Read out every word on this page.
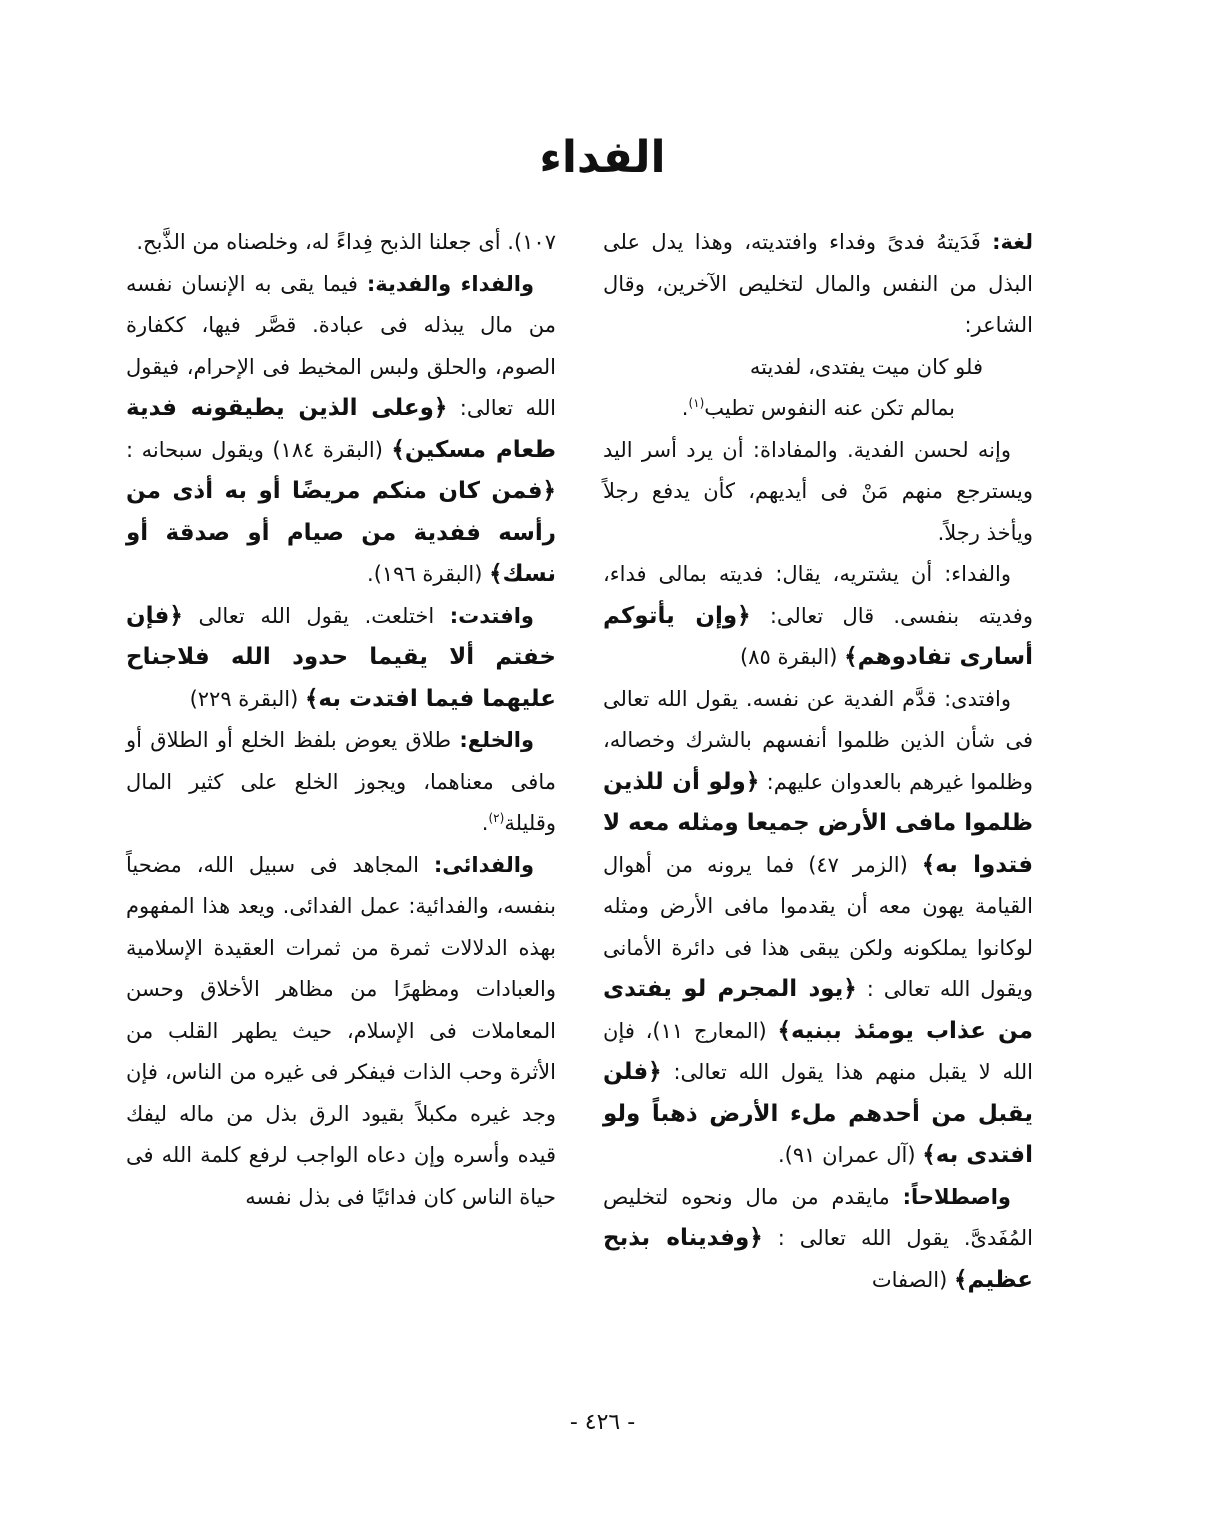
الفداء

لغة: فَدَيتهُ فدىً وفداء وافتديته، وهذا يدل على البذل من النفس والمال لتخليص الآخرين، وقال الشاعر:

فلو كان ميت يفتدى، لفديته

بمالم تكن عنه النفوس تطيب$^{(١)}$.

وإنه لحسن الفدية. والمفاداة: أن يرد أسر اليد ويسترجع منهم مَنْ فى أيديهم، كأن يدفع رجلاً ويأخذ رجلاً.

والفداء: أن يشتريه، يقال: فديته بمالى فداء، وفديته بنفسى. قال تعالى: ﴿وإن يأتوكم أسارى تفادوهم﴾ (البقرة ٨٥)

وافتدى: قدَّم الفدية عن نفسه. يقول الله تعالى فى شأن الذين ظلموا أنفسهم بالشرك وخصاله، وظلموا غيرهم بالعدوان عليهم: ﴿ولو أن للذين ظلموا مافى الأرض جميعا ومثله معه لا فتدوا به﴾ (الزمر ٤٧) فما يرونه من أهوال القيامة يهون معه أن يقدموا مافى الأرض ومثله لوكانوا يملكونه ولكن يبقى هذا فى دائرة الأمانى ويقول الله تعالى : ﴿يود المجرم لو يفتدى من عذاب يومئذ ببنيه﴾ (المعارج ١١)، فإن الله لا يقبل منهم هذا يقول الله تعالى: ﴿فلن يقبل من أحدهم ملء الأرض ذهباً ولو افتدى به﴾ (آل عمران ٩١).

واصطلاحاً: مايقدم من مال ونحوه لتخليص المُفَدىَّ. يقول الله تعالى : ﴿وفديناه بذبح عظيم﴾ (الصفات

١٠٧). أى جعلنا الذبح فِداءً له، وخلصناه من الذَّبح.

والفداء والفدية: فيما يقى به الإنسان نفسه من مال يبذله فى عبادة. قصَّر فيها، ككفارة الصوم، والحلق ولبس المخيط فى الإحرام، فيقول الله تعالى: ﴿وعلى الذين يطيقونه فدية طعام مسكين﴾ (البقرة ١٨٤) ويقول سبحانه : ﴿فمن كان منكم مريضًا أو به أذى من رأسه ففدية من صيام أو صدقة أو نسك﴾ (البقرة ١٩٦).

وافتدت: اختلعت. يقول الله تعالى ﴿فإن خفتم ألا يقيما حدود الله فلاجناح عليهما فيما افتدت به﴾ (البقرة ٢٢٩)

والخلع: طلاق يعوض بلفظ الخلع أو الطلاق أو مافى معناهما، ويجوز الخلع على كثير المال وقليلة$^{(٢)}$.

والفدائى: المجاهد فى سبيل الله، مضحياً بنفسه، والفدائية: عمل الفدائى. ويعد هذا المفهوم بهذه الدلالات ثمرة من ثمرات العقيدة الإسلامية والعبادات ومظهرًا من مظاهر الأخلاق وحسن المعاملات فى الإسلام، حيث يطهر القلب من الأثرة وحب الذات فيفكر فى غيره من الناس، فإن وجد غيره مكبلاً بقيود الرق بذل من ماله ليفك قيده وأسره وإن دعاه الواجب لرفع كلمة الله فى حياة الناس كان فدائيًا فى بذل نفسه

- ٤٢٦ -
